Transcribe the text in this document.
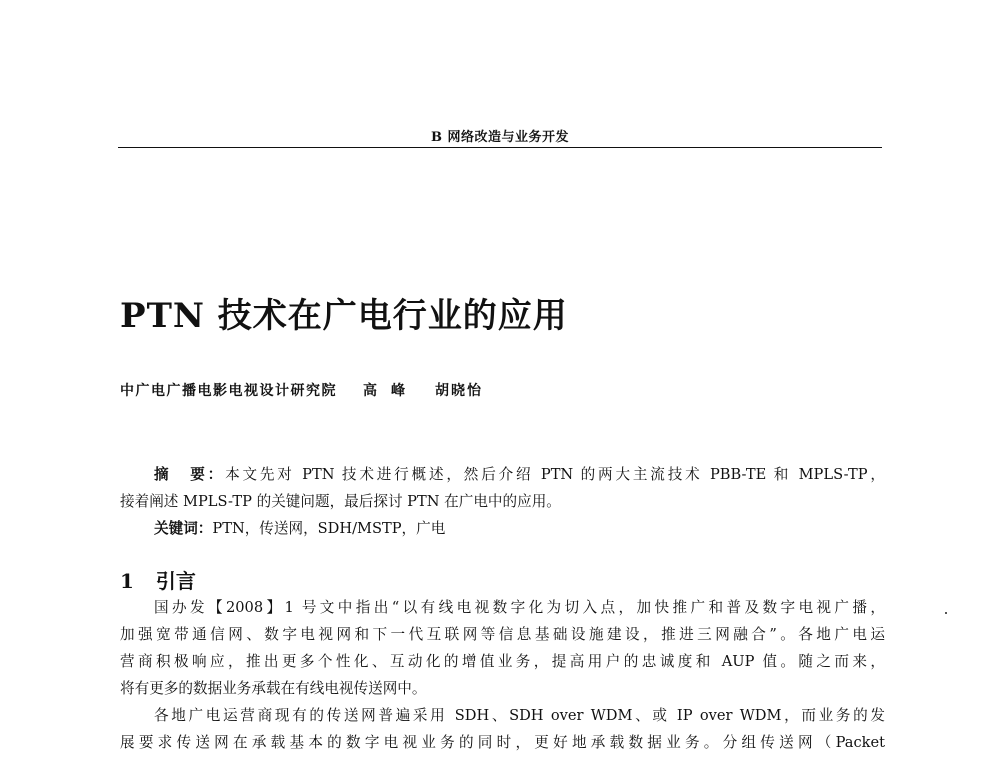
B 网络改造与业务开发
PTN 技术在广电行业的应用
中广电广播电影电视设计研究院 高峰 胡晓怡
摘 要：本文先对 PTN 技术进行概述，然后介绍 PTN 的两大主流技术 PBB-TE 和 MPLS-TP，
接着阐述 MPLS-TP 的关键问题，最后探讨 PTN 在广电中的应用。
关键词：PTN，传送网，SDH/MSTP，广电
1 引言
国办发【2008】1 号文中指出“以有线电视数字化为切入点，加快推广和普及数字电视广播，
加强宽带通信网、数字电视网和下一代互联网等信息基础设施建设，推进三网融合”。各地广电运
营商积极响应，推出更多个性化、互动化的增值业务，提高用户的忠诚度和 AUP 值。随之而来，
将有更多的数据业务承载在有线电视传送网中。
各地广电运营商现有的传送网普遍采用 SDH、SDH over WDM、或 IP over WDM，而业务的发
展要求传送网在承载基本的数字电视业务的同时，更好地承载数据业务。分组传送网（Packet
